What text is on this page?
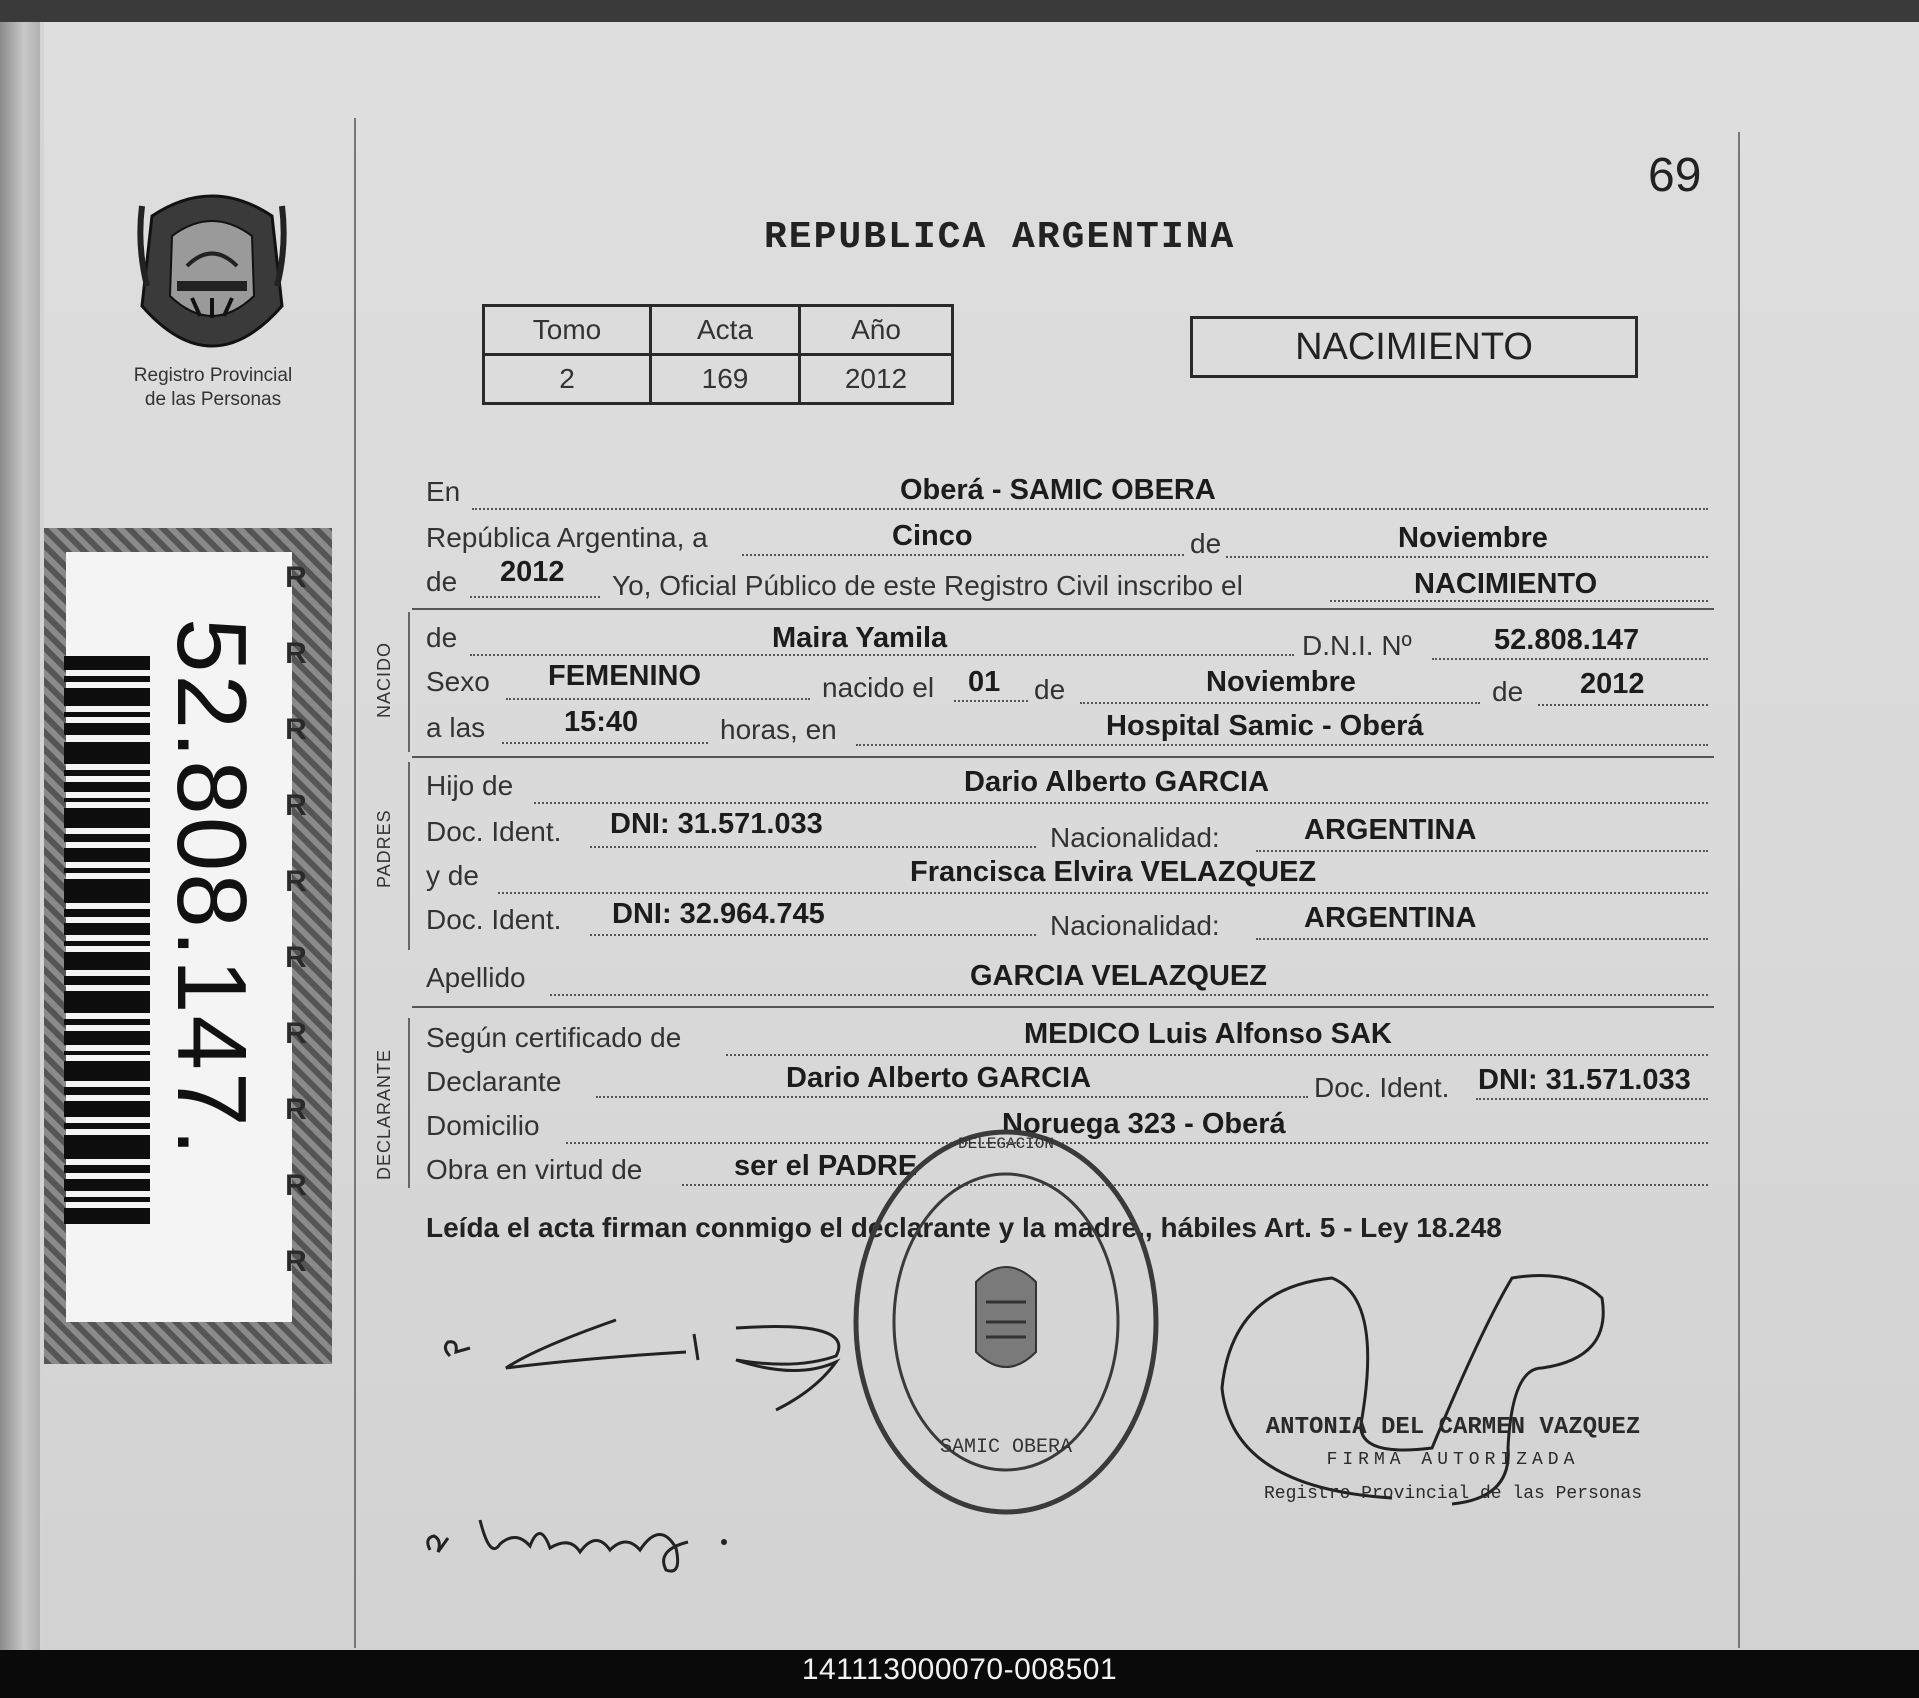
Registro Provincial
de las Personas
R
R
R
R
R
R
R
R
R
R
52.808.147.
69
REPUBLICA ARGENTINA
Tomo	Acta	Año
2	169	2012
NACIMIENTO
En	Oberá - SAMIC OBERA
República Argentina, a	Cinco	de	Noviembre
de 2012 Yo, Oficial Público de este Registro Civil inscribo el	NACIMIENTO
NACIDO
de	Maira Yamila	D.N.I. Nº	52.808.147
Sexo FEMENINO	nacido el 01 de	Noviembre	de 2012
a las	15:40	horas, en	Hospital Samic - Oberá
PADRES
Hijo de	Dario Alberto GARCIA
Doc. Ident. DNI: 31.571.033	Nacionalidad:	ARGENTINA
y de	Francisca Elvira VELAZQUEZ
Doc. Ident. DNI: 32.964.745	Nacionalidad:	ARGENTINA
Apellido	GARCIA VELAZQUEZ
DECLARANTE
Según certificado de	MEDICO Luis Alfonso SAK
Declarante	Dario Alberto GARCIA	Doc. Ident. DNI: 31.571.033
Domicilio	Noruega 323 - Oberá
Obra en virtud de	ser el PADRE
Leída el acta firman conmigo el declarante y la madre., hábiles Art. 5 - Ley 18.248
SAMIC OBERA
DELEGACION
ANTONIA DEL CARMEN VAZQUEZ
FIRMA AUTORIZADA
Registro Provincial de las Personas
141113000070-008501
